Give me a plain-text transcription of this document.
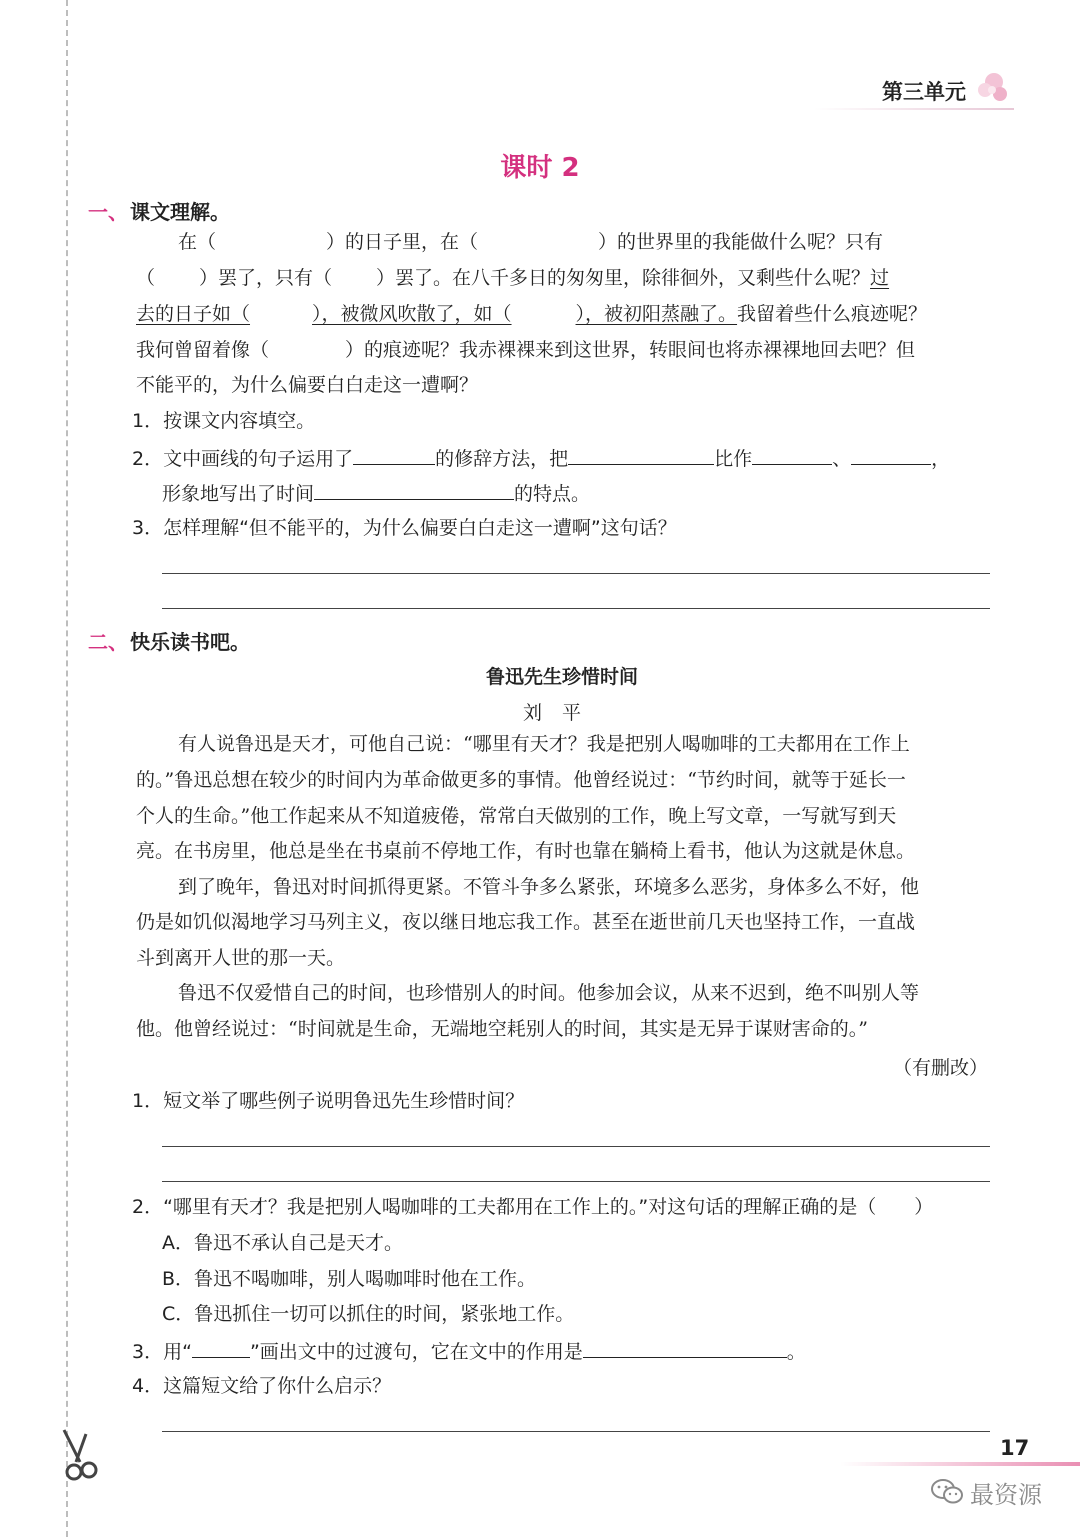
第三单元
课时 2
一、 课文理解。
在（	）的日子里，在（	）的世界里的我能做什么呢？只有
（ ）罢了，只有（ ）罢了。在八千多日的匆匆里，除徘徊外，又剩些什么呢？过
去的日子如（	），被微风吹散了，如（	），被初阳蒸融了。我留着些什么痕迹呢？
我何曾留着像（	）的痕迹呢？我赤裸裸来到这世界，转眼间也将赤裸裸地回去吧？但
不能平的，为什么偏要白白走这一遭啊？
1．按课文内容填空。
2．文中画线的句子运用了	的修辞方法，把	比作	、	，
形象地写出了时间	的特点。
3．怎样理解“但不能平的，为什么偏要白白走这一遭啊”这句话？
二、 快乐读书吧。
鲁迅先生珍惜时间
刘平
有人说鲁迅是天才，可他自己说：“哪里有天才？我是把别人喝咖啡的工夫都用在工作上
的。”鲁迅总想在较少的时间内为革命做更多的事情。他曾经说过：“节约时间，就等于延长一
个人的生命。”他工作起来从不知道疲倦，常常白天做别的工作，晚上写文章，一写就写到天
亮。在书房里，他总是坐在书桌前不停地工作，有时也靠在躺椅上看书，他认为这就是休息。
到了晚年，鲁迅对时间抓得更紧。不管斗争多么紧张，环境多么恶劣，身体多么不好，他
仍是如饥似渴地学习马列主义，夜以继日地忘我工作。甚至在逝世前几天也坚持工作，一直战
斗到离开人世的那一天。
鲁迅不仅爱惜自己的时间，也珍惜别人的时间。他参加会议，从来不迟到，绝不叫别人等
他。他曾经说过：“时间就是生命，无端地空耗别人的时间，其实是无异于谋财害命的。”
（有删改）
1．短文举了哪些例子说明鲁迅先生珍惜时间？
2．“哪里有天才？我是把别人喝咖啡的工夫都用在工作上的。”对这句话的理解正确的是（　　）
A．鲁迅不承认自己是天才。
B．鲁迅不喝咖啡，别人喝咖啡时他在工作。
C．鲁迅抓住一切可以抓住的时间，紧张地工作。
3．用“	”画出文中的过渡句，它在文中的作用是	。
4．这篇短文给了你什么启示？
17
最资源
